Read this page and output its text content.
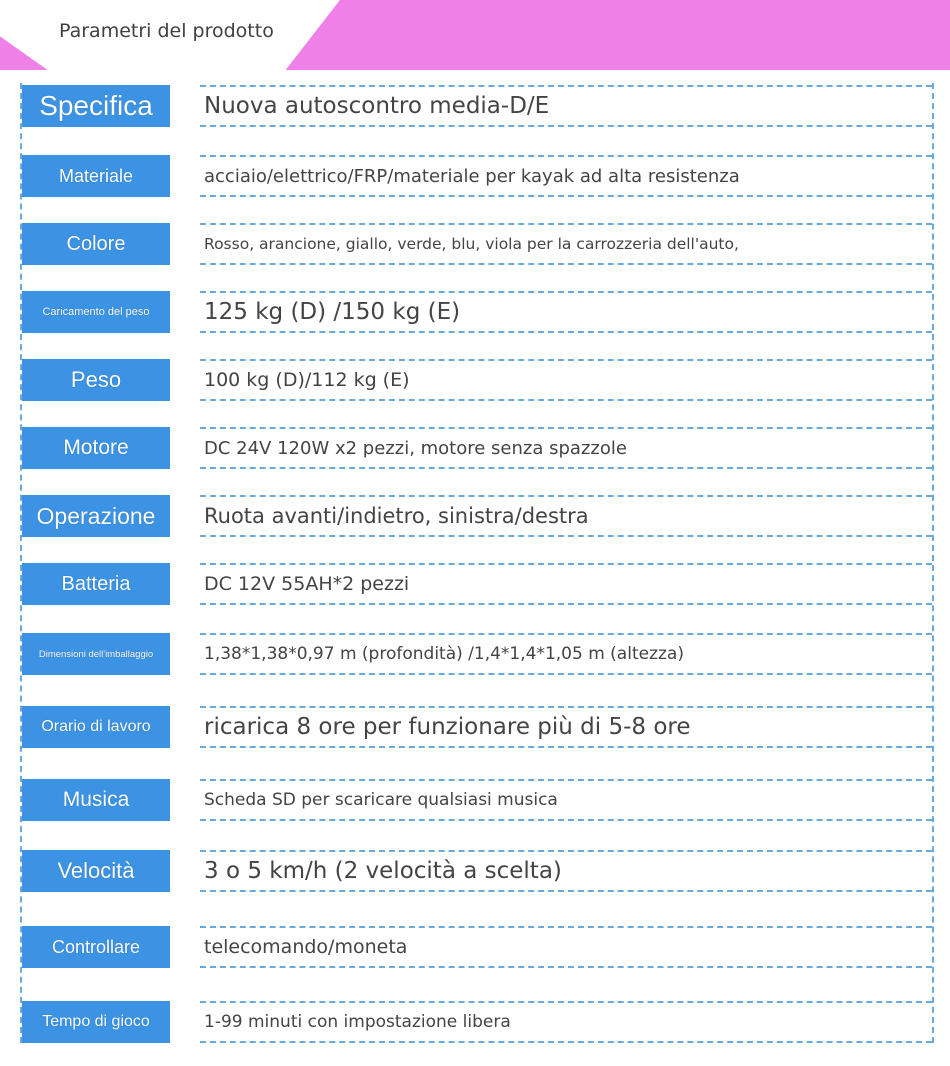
Parametri del prodotto
Specifica	Nuova autoscontro media-D/E
Materiale	acciaio/elettrico/FRP/materiale per kayak ad alta resistenza
Colore	Rosso, arancione, giallo, verde, blu, viola per la carrozzeria dell'auto,
Caricamento del peso	125 kg (D) /150 kg (E)
Peso	100 kg (D)/112 kg (E)
Motore	DC 24V 120W x2 pezzi, motore senza spazzole
Operazione	Ruota avanti/indietro, sinistra/destra
Batteria	DC 12V 55AH*2 pezzi
Dimensioni dell'imballaggio	1,38*1,38*0,97 m (profondità) /1,4*1,4*1,05 m (altezza)
Orario di lavoro	ricarica 8 ore per funzionare più di 5-8 ore
Musica	Scheda SD per scaricare qualsiasi musica
Velocità	3 o 5 km/h (2 velocità a scelta)
Controllare	telecomando/moneta
Tempo di gioco	1-99 minuti con impostazione libera
